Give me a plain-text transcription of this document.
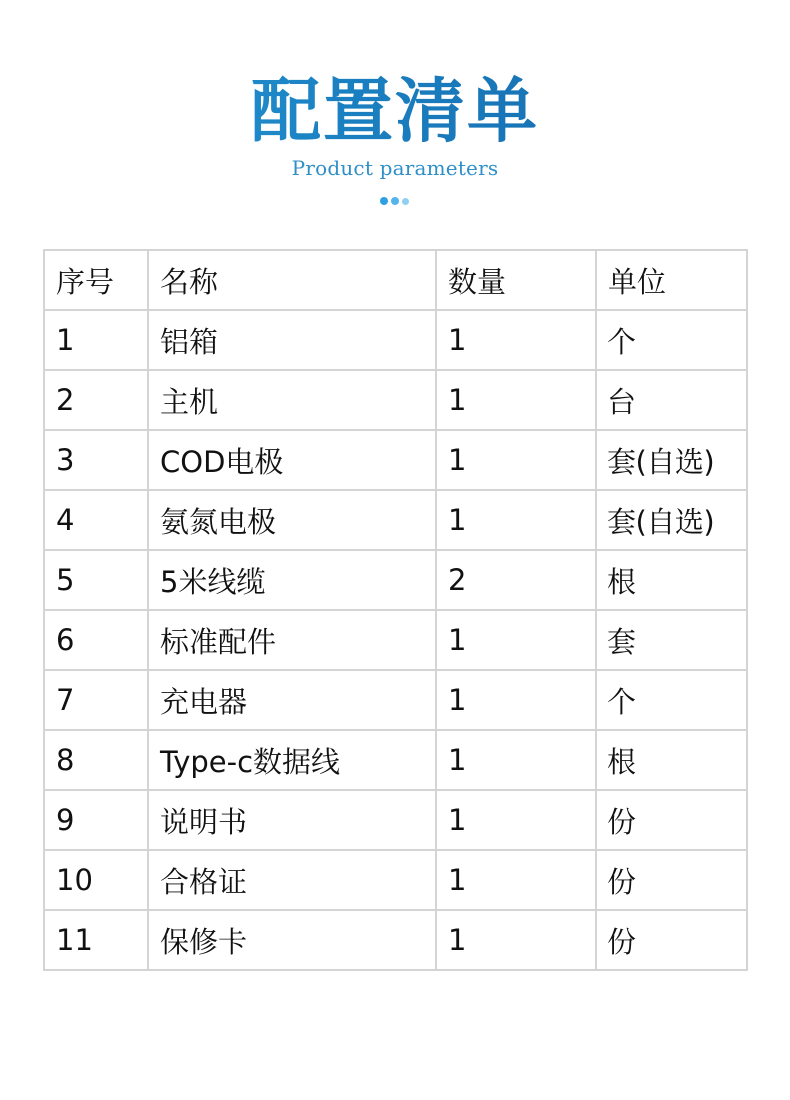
配置清单
Product parameters
序号	名称	数量	单位
1	铝箱	1	个
2	主机	1	台
3	COD电极	1	套(自选)
4	氨氮电极	1	套(自选)
5	5米线缆	2	根
6	标准配件	1	套
7	充电器	1	个
8	Type-c数据线	1	根
9	说明书	1	份
10	合格证	1	份
11	保修卡	1	份
